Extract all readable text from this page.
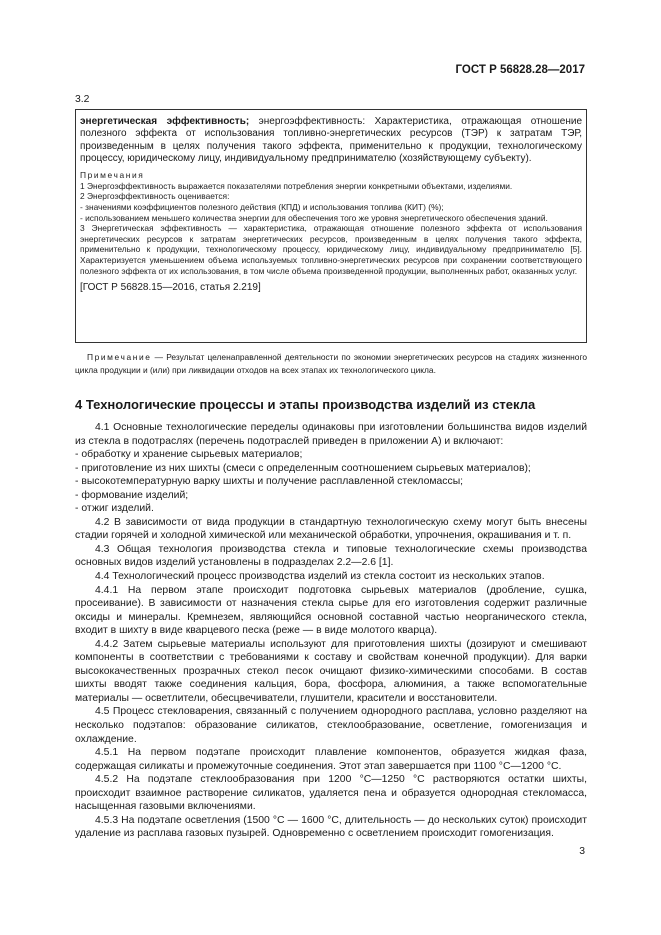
ГОСТ Р 56828.28—2017
3.2

энергетическая эффективность; энергоэффективность: Характеристика, отражающая отношение полезного эффекта от использования топливно-энергетических ресурсов (ТЭР) к затратам ТЭР, произведенным в целях получения такого эффекта, применительно к продукции, технологическому процессу, юридическому лицу, индивидуальному предпринимателю (хозяйствующему субъекту).

Примечания

1 Энергоэффективность выражается показателями потребления энергии конкретными объектами, изделиями.

2 Энергоэффективность оценивается:

- значениями коэффициентов полезного действия (КПД) и использования топлива (КИТ) (%);

- использованием меньшего количества энергии для обеспечения того же уровня энергетического обеспечения зданий.

3 Энергетическая эффективность — характеристика, отражающая отношение полезного эффекта от использования энергетических ресурсов к затратам энергетических ресурсов, произведенным в целях получения такого эффекта, применительно к продукции, технологическому процессу, юридическому лицу, индивидуальному предпринимателю [5]. Характеризуется уменьшением объема используемых топливно-энергетических ресурсов при сохранении соответствующего полезного эффекта от их использования, в том числе объема произведенной продукции, выполненных работ, оказанных услуг.

[ГОСТ Р 56828.15—2016, статья 2.219]
Примечание — Результат целенаправленной деятельности по экономии энергетических ресурсов на стадиях жизненного цикла продукции и (или) при ликвидации отходов на всех этапах их технологического цикла.
4 Технологические процессы и этапы производства изделий из стекла

4.1 Основные технологические переделы одинаковы при изготовлении большинства видов изделий из стекла в подотраслях (перечень подотраслей приведен в приложении А) и включают:

- обработку и хранение сырьевых материалов;

- приготовление из них шихты (смеси с определенным соотношением сырьевых материалов);

- высокотемпературную варку шихты и получение расплавленной стекломассы;

- формование изделий;

- отжиг изделий.

4.2 В зависимости от вида продукции в стандартную технологическую схему могут быть внесены стадии горячей и холодной химической или механической обработки, упрочнения, окрашивания и т. п.

4.3 Общая технология производства стекла и типовые технологические схемы производства основных видов изделий установлены в подразделах 2.2—2.6 [1].

4.4 Технологический процесс производства изделий из стекла состоит из нескольких этапов.

4.4.1 На первом этапе происходит подготовка сырьевых материалов (дробление, сушка, просеивание). В зависимости от назначения стекла сырье для его изготовления содержит различные оксиды и минералы. Кремнезем, являющийся основной составной частью неорганического стекла, входит в шихту в виде кварцевого песка (реже — в виде молотого кварца).

4.4.2 Затем сырьевые материалы используют для приготовления шихты (дозируют и смешивают компоненты в соответствии с требованиями к составу и свойствам конечной продукции). Для варки высококачественных прозрачных стекол песок очищают физико-химическими способами. В состав шихты вводят также соединения кальция, бора, фосфора, алюминия, а также вспомогательные материалы — осветлители, обесцвечиватели, глушители, красители и восстановители.

4.5 Процесс стекловарения, связанный с получением однородного расплава, условно разделяют на несколько подэтапов: образование силикатов, стеклообразование, осветление, гомогенизация и охлаждение.

4.5.1 На первом подэтапе происходит плавление компонентов, образуется жидкая фаза, содержащая силикаты и промежуточные соединения. Этот этап завершается при 1100 °С—1200 °С.

4.5.2 На подэтапе стеклообразования при 1200 °С—1250 °С растворяются остатки шихты, происходит взаимное растворение силикатов, удаляется пена и образуется однородная стекломасса, насыщенная газовыми включениями.

4.5.3 На подэтапе осветления (1500 °С — 1600 °С, длительность — до нескольких суток) происходит удаление из расплава газовых пузырей. Одновременно с осветлением происходит гомогенизация.

3
